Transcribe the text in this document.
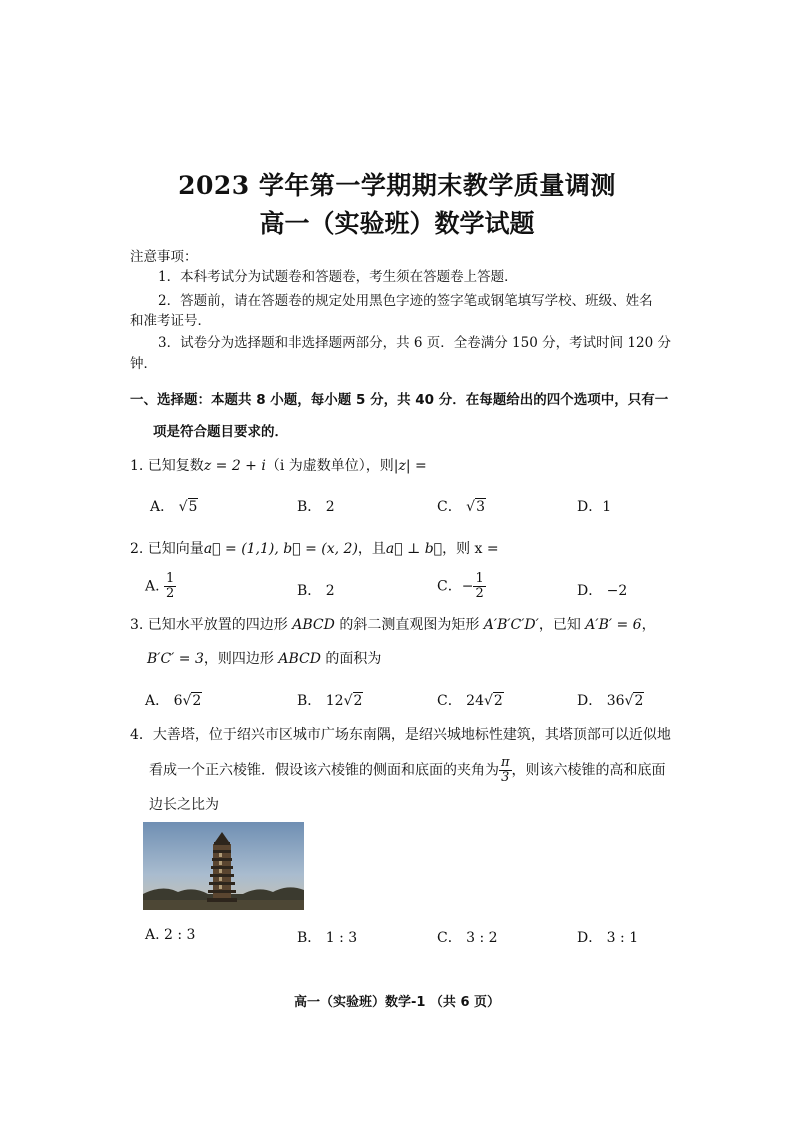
2023 学年第一学期期末教学质量调测
高一（实验班）数学试题
注意事项：
1．本科考试分为试题卷和答题卷，考生须在答题卷上答题．
2．答题前，请在答题卷的规定处用黑色字迹的签字笔或钢笔填写学校、班级、姓名
和准考证号．
3．试卷分为选择题和非选择题两部分，共 6 页．全卷满分 150 分，考试时间 120 分
钟．
一、选择题：本题共 8 小题，每小题 5 分，共 40 分．在每题给出的四个选项中，只有一
项是符合题目要求的．
1. 已知复数z = 2 + i（i 为虚数单位），则|z| =
A． √5	B． 2	C． √3	D．1
2. 已知向量a⃗ = (1,1), b⃗ = (x, 2)，且a⃗ ⊥ b⃗，则 x =
A. $\frac{1}{2}$	B． 2	C．− $\frac{1}{2}$	D． −2
3. 已知水平放置的四边形 ABCD 的斜二测直观图为矩形 A′B′C′D′，已知 A′B′ = 6，
B′C′ = 3，则四边形 ABCD 的面积为
A． 6√2	B． 12√2	C． 24√2	D． 36√2
4．大善塔，位于绍兴市区城市广场东南隅，是绍兴城地标性建筑，其塔顶部可以近似地
看成一个正六棱锥．假设该六棱锥的侧面和底面的夹角为 $\frac{\pi}{3}$ ，则该六棱锥的高和底面
边长之比为
A. 2 : 3	B． 1 : 3	C． 3 : 2	D． 3 : 1
高一（实验班）数学-1 （共 6 页）
